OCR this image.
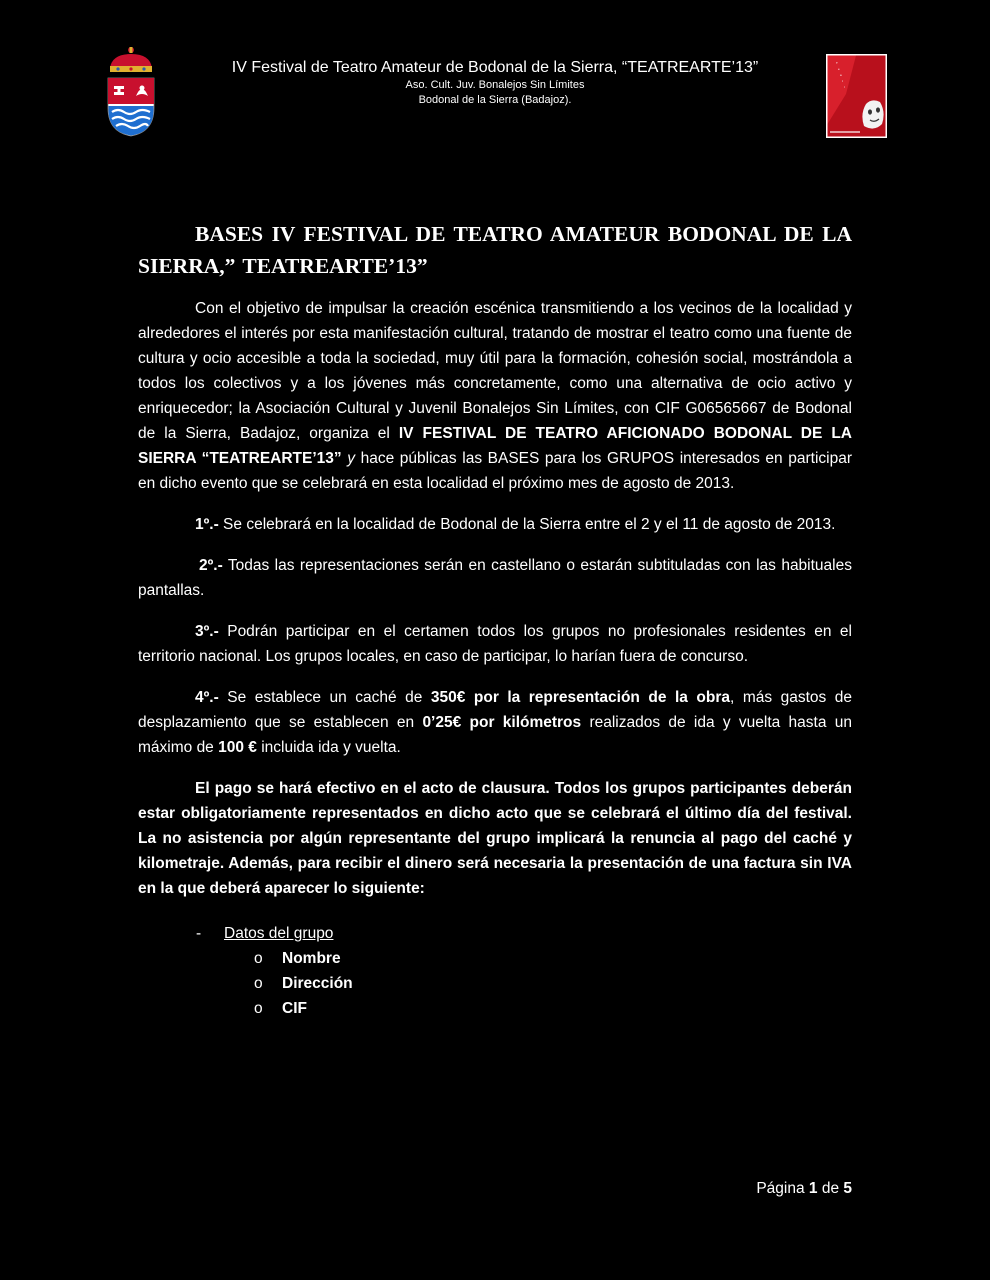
IV Festival de Teatro Amateur de Bodonal de la Sierra, “TEATREARTE’13”
Aso. Cult. Juv. Bonalejos Sin Límites
Bodonal de la Sierra (Badajoz).
T
e
a
t
r
BASES IV FESTIVAL DE TEATRO AMATEUR BODONAL DE LA SIERRA,” TEATREARTE’13”

Con el objetivo de impulsar la creación escénica transmitiendo a los vecinos de la localidad y alrededores el interés por esta manifestación cultural, tratando de mostrar el teatro como una fuente de cultura y ocio accesible a toda la sociedad, muy útil para la formación, cohesión social, mostrándola a todos los colectivos y a los jóvenes más concretamente, como una alternativa de ocio activo y enriquecedor; la Asociación Cultural y Juvenil Bonalejos Sin Límites, con CIF G06565667 de Bodonal de la Sierra, Badajoz, organiza el IV FESTIVAL DE TEATRO AFICIONADO BODONAL DE LA SIERRA “TEATREARTE’13” y hace públicas las BASES para los GRUPOS interesados en participar en dicho evento que se celebrará en esta localidad el próximo mes de agosto de 2013.

1º.- Se celebrará en la localidad de Bodonal de la Sierra entre el 2 y el 11 de agosto de 2013.

2º.- Todas las representaciones serán en castellano o estarán subtituladas con las habituales pantallas.

3º.- Podrán participar en el certamen todos los grupos no profesionales residentes en el territorio nacional. Los grupos locales, en caso de participar, lo harían fuera de concurso.

4º.- Se establece un caché de 350€ por la representación de la obra, más gastos de desplazamiento que se establecen en 0’25€ por kilómetros realizados de ida y vuelta hasta un máximo de 100 € incluida ida y vuelta.

El pago se hará efectivo en el acto de clausura. Todos los grupos participantes deberán estar obligatoriamente representados en dicho acto que se celebrará el último día del festival. La no asistencia por algún representante del grupo implicará la renuncia al pago del caché y kilometraje. Además, para recibir el dinero será necesaria la presentación de una factura sin IVA en la que deberá aparecer lo siguiente:

- Datos del grupo
o Nombre
o Dirección
o CIF
Página 1 de 5
